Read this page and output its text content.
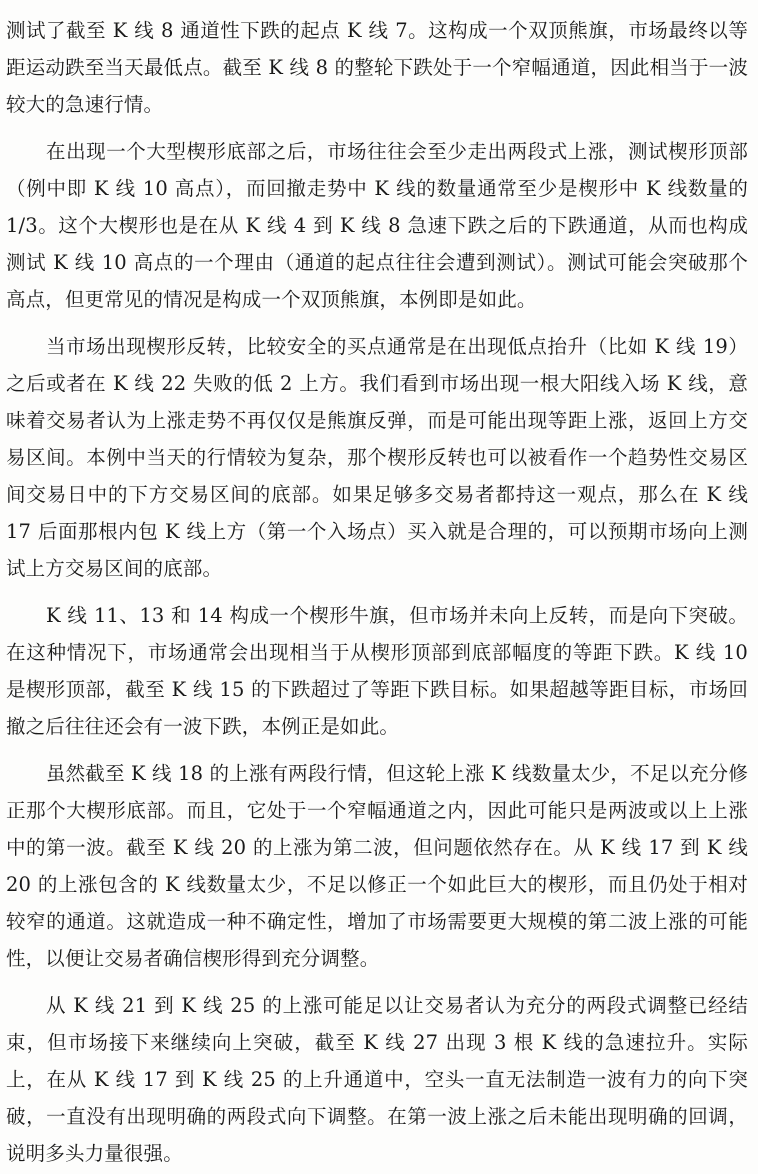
测试了截至 K 线 8 通道性下跌的起点 K 线 7。这构成一个双顶熊旗，市场最终以等距运动跌至当天最低点。截至 K 线 8 的整轮下跌处于一个窄幅通道，因此相当于一波较大的急速行情。

在出现一个大型楔形底部之后，市场往往会至少走出两段式上涨，测试楔形顶部（例中即 K 线 10 高点），而回撤走势中 K 线的数量通常至少是楔形中 K 线数量的 1/3。这个大楔形也是在从 K 线 4 到 K 线 8 急速下跌之后的下跌通道，从而也构成测试 K 线 10 高点的一个理由（通道的起点往往会遭到测试）。测试可能会突破那个高点，但更常见的情况是构成一个双顶熊旗，本例即是如此。

当市场出现楔形反转，比较安全的买点通常是在出现低点抬升（比如 K 线 19）之后或者在 K 线 22 失败的低 2 上方。我们看到市场出现一根大阳线入场 K 线，意味着交易者认为上涨走势不再仅仅是熊旗反弹，而是可能出现等距上涨，返回上方交易区间。本例中当天的行情较为复杂，那个楔形反转也可以被看作一个趋势性交易区间交易日中的下方交易区间的底部。如果足够多交易者都持这一观点，那么在 K 线 17 后面那根内包 K 线上方（第一个入场点）买入就是合理的，可以预期市场向上测试上方交易区间的底部。

K 线 11、13 和 14 构成一个楔形牛旗，但市场并未向上反转，而是向下突破。在这种情况下，市场通常会出现相当于从楔形顶部到底部幅度的等距下跌。K 线 10 是楔形顶部，截至 K 线 15 的下跌超过了等距下跌目标。如果超越等距目标，市场回撤之后往往还会有一波下跌，本例正是如此。

虽然截至 K 线 18 的上涨有两段行情，但这轮上涨 K 线数量太少，不足以充分修正那个大楔形底部。而且，它处于一个窄幅通道之内，因此可能只是两波或以上上涨中的第一波。截至 K 线 20 的上涨为第二波，但问题依然存在。从 K 线 17 到 K 线 20 的上涨包含的 K 线数量太少，不足以修正一个如此巨大的楔形，而且仍处于相对较窄的通道。这就造成一种不确定性，增加了市场需要更大规模的第二波上涨的可能性，以便让交易者确信楔形得到充分调整。

从 K 线 21 到 K 线 25 的上涨可能足以让交易者认为充分的两段式调整已经结束，但市场接下来继续向上突破，截至 K 线 27 出现 3 根 K 线的急速拉升。实际上，在从 K 线 17 到 K 线 25 的上升通道中，空头一直无法制造一波有力的向下突破，一直没有出现明确的两段式向下调整。在第一波上涨之后未能出现明确的回调，说明多头力量很强。
